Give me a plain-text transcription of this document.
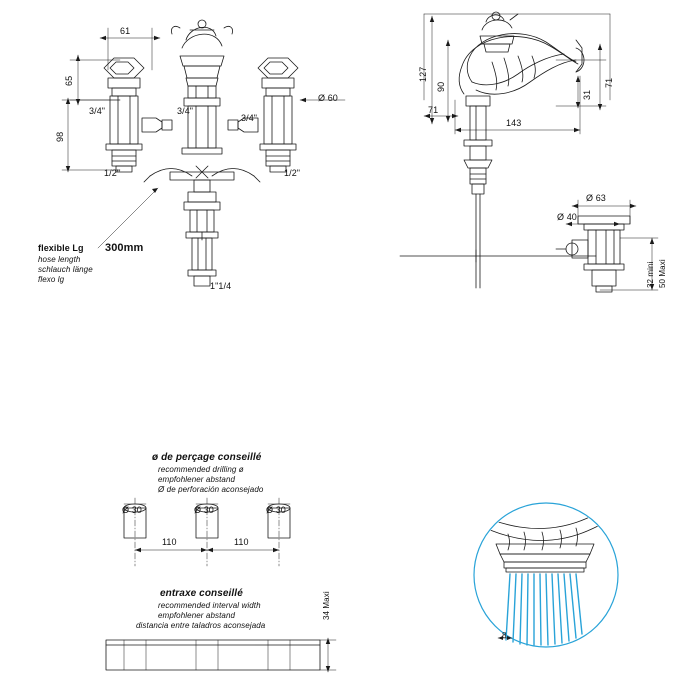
61
65
98
Ø 60
3/4"	3/4"
3/4"
1/2"	1/2"
1"1/4
flexible Lg 300mm
hose length
schlauch länge
flexo lg
127
90
71
71
31
143
Ø 63
Ø 40
32 mini 50 Maxi
ø de perçage conseillé
recommended drilling ø
empfohlener abstand
Ø de perforación aconsejado
Ø 30	Ø 30	Ø 30
110	110
entraxe conseillé
recommended interval width
empfohlener abstand
distancia entre taladros aconsejada
34 Maxi
8
